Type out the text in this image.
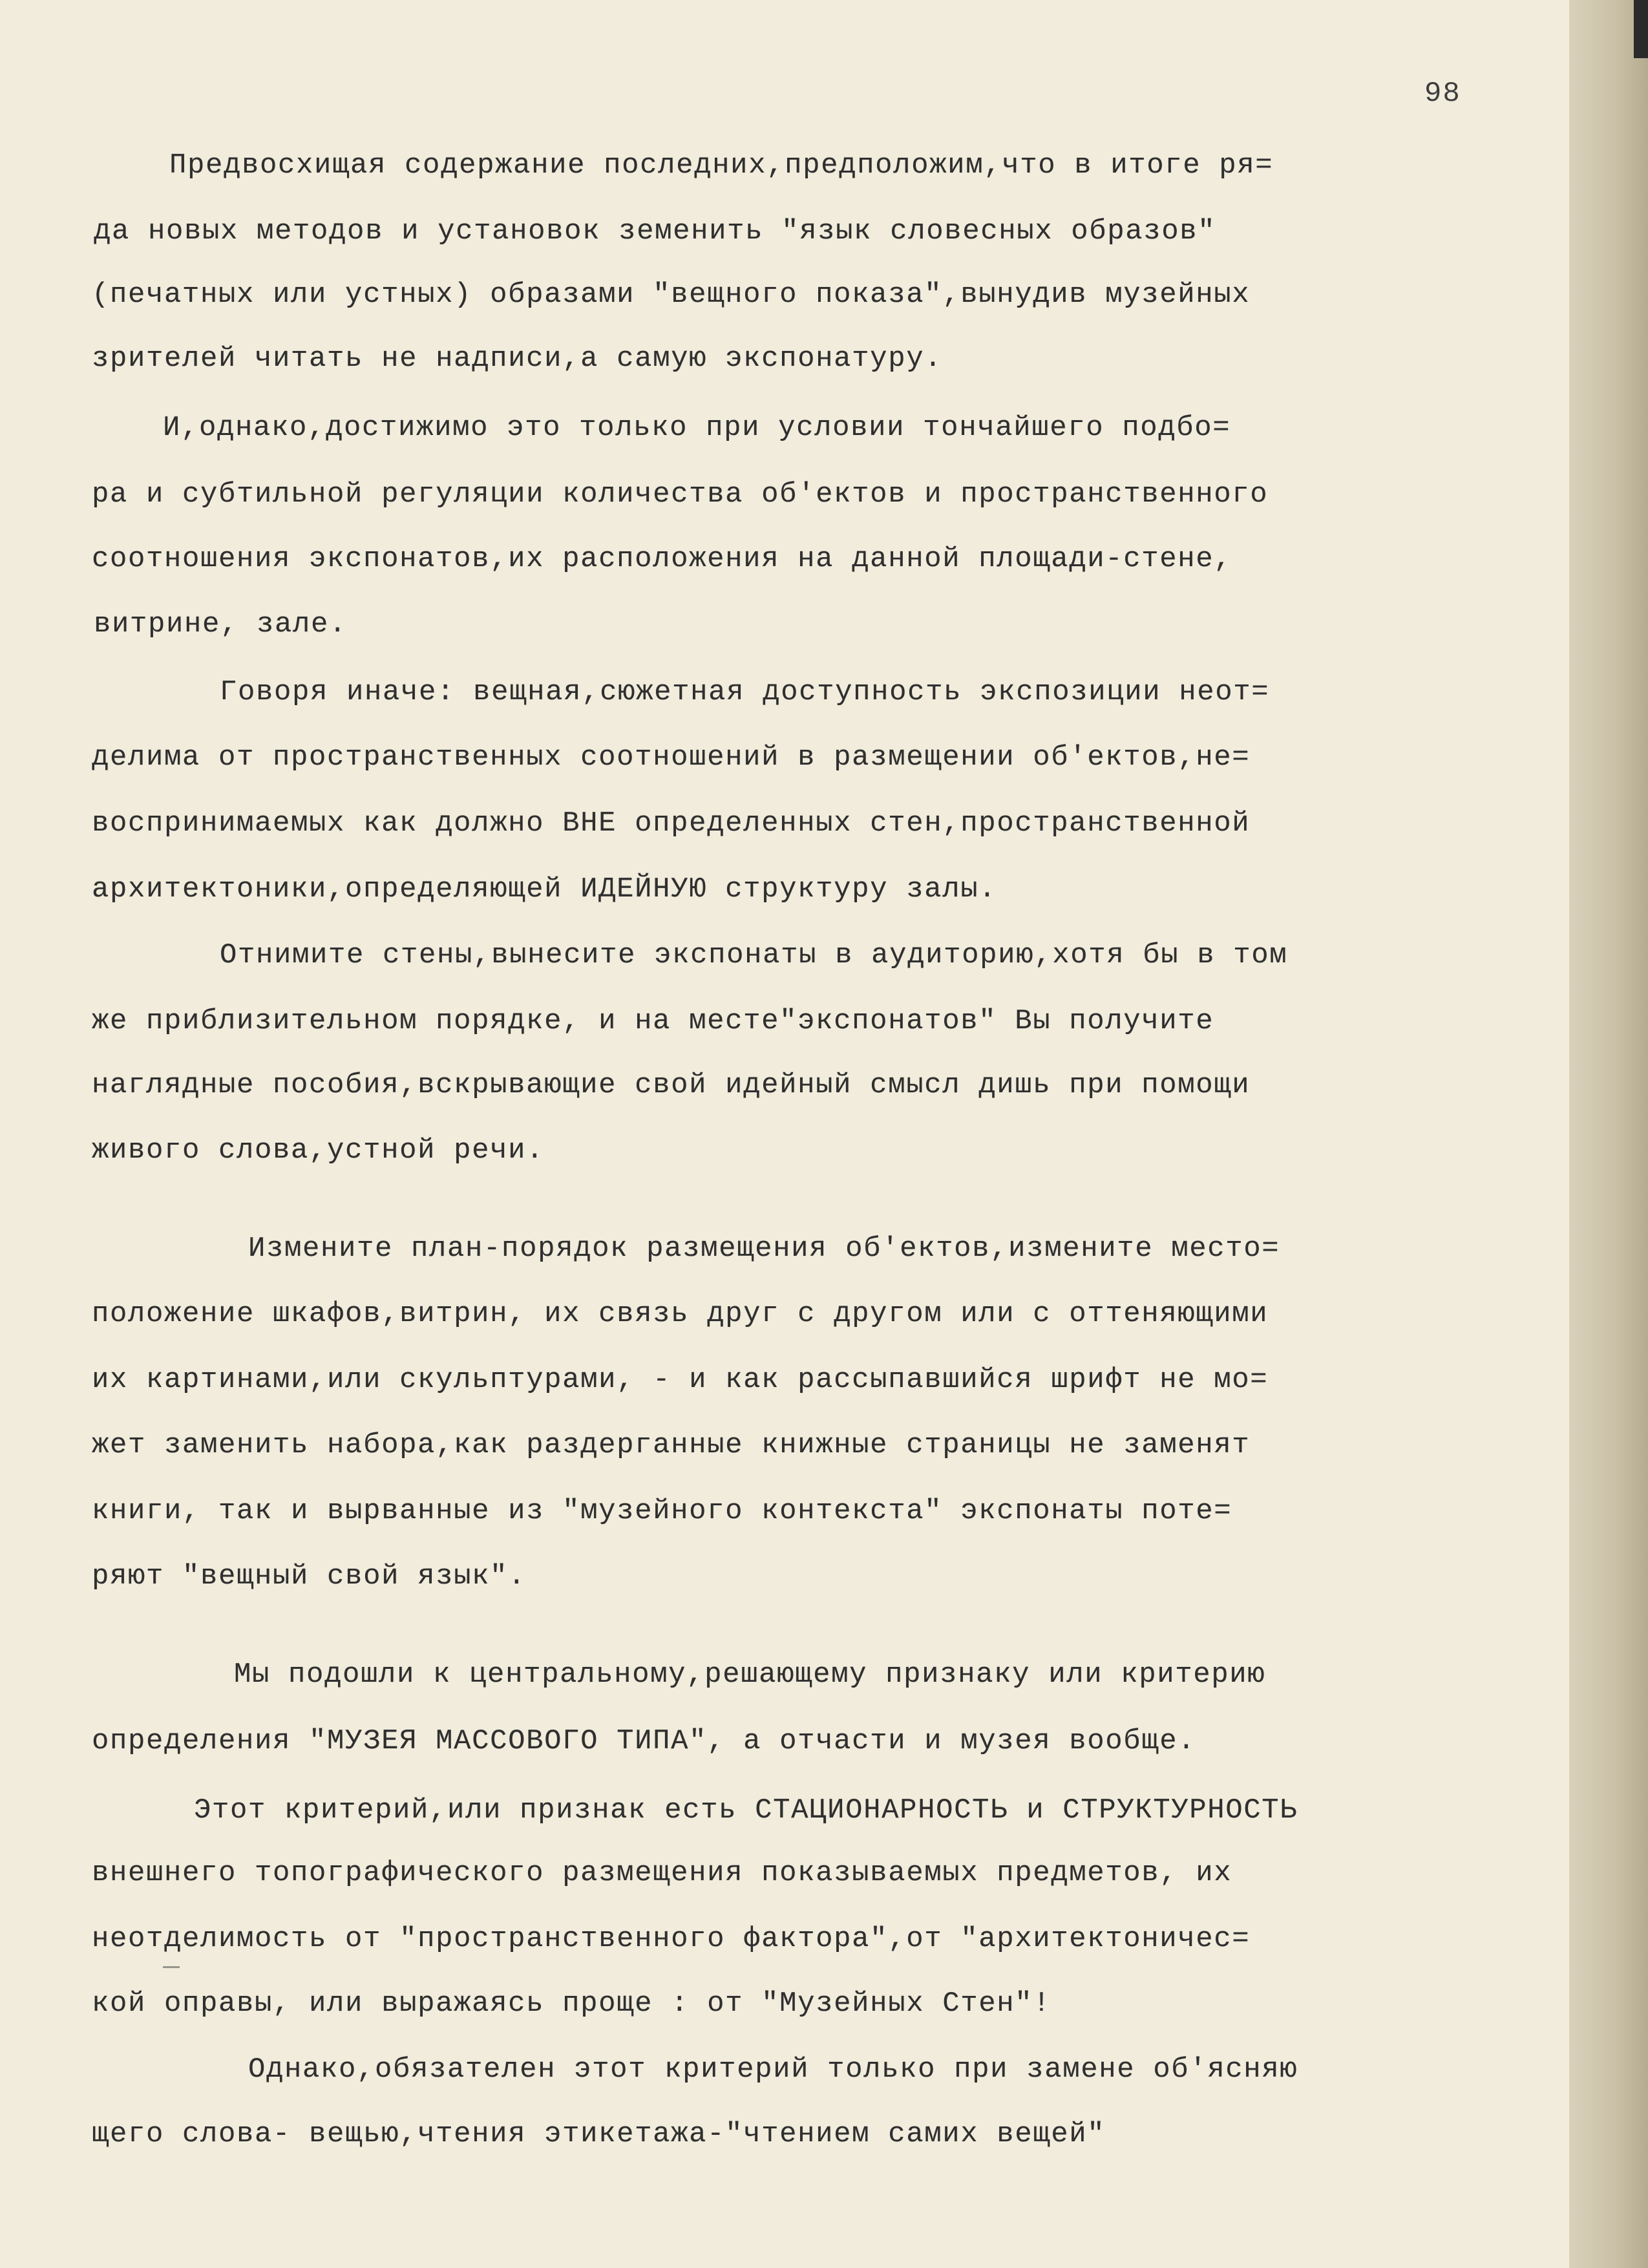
98
Предвосхищая содержание последних,предположим,что в итоге ря=
да новых методов и установок земенить "язык словесных образов"
(печатных или устных) образами "вещного показа",вынудив музейных
зрителей читать не надписи,а самую экспонатуру.
И,однако,достижимо это только при условии тончайшего подбо=
ра и субтильной регуляции количества об'ектов и пространственного
соотношения экспонатов,их расположения на данной площади-стене,
витрине, зале.
Говоря иначе: вещная,сюжетная доступность экспозиции неот=
делима от пространственных соотношений в размещении об'ектов,не=
воспринимаемых как должно ВНЕ определенных стен,пространственной
архитектоники,определяющей ИДЕЙНУЮ структуру залы.
Отнимите стены,вынесите экспонаты в аудиторию,хотя бы в том
же приблизительном порядке, и на месте"экспонатов" Вы получите
наглядные пособия,вскрывающие свой идейный смысл дишь при помощи
живого слова,устной речи.
Измените план-порядок размещения об'ектов,измените место=
положение шкафов,витрин, их связь друг с другом или с оттеняющими
их картинами,или скульптурами, - и как рассыпавшийся шрифт не мо=
жет заменить набора,как раздерганные книжные страницы не заменят
книги, так и вырванные из "музейного контекста" экспонаты поте=
ряют "вещный свой язык".
Мы подошли к центральному,решающему признаку или критерию
определения "МУЗЕЯ МАССОВОГО ТИПА", а отчасти и музея вообще.
Этот критерий,или признак есть СТАЦИОНАРНОСТЬ и СТРУКТУРНОСТЬ
внешнего топографического размещения показываемых предметов, их
неотделимость от "пространственного фактора",от "архитектоничес=
кой оправы, или выражаясь проще : от "Музейных Стен"!
Однако,обязателен этот критерий только при замене об'ясняю
щего слова- вещью,чтения этикетажа-"чтением самих вещей"
